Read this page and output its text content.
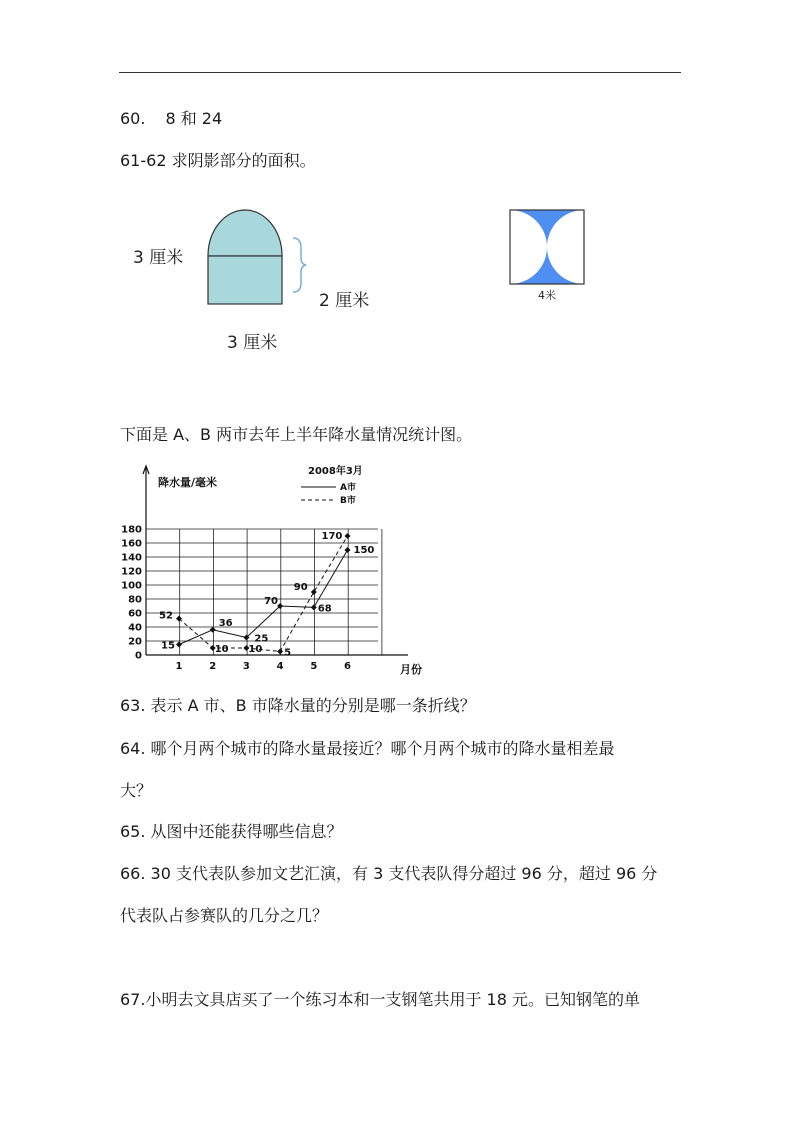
60. 8 和 24
61-62 求阴影部分的面积。
3 厘米
2 厘米
3 厘米
4米
下面是 A、B 两市去年上半年降水量情况统计图。
0
20
40
60
80
100
120
140
160
180
1	2	3	4	5	6
15
36
25
70
68
150
52
10 10 5
90
170
降水量/毫米
2008年3月
A市
B市
月份
63. 表示 A 市、B 市降水量的分别是哪一条折线？
64. 哪个月两个城市的降水量最接近？哪个月两个城市的降水量相差最
大？
65. 从图中还能获得哪些信息？
66. 30 支代表队参加文艺汇演，有 3 支代表队得分超过 96 分，超过 96 分
代表队占参赛队的几分之几？
67.小明去文具店买了一个练习本和一支钢笔共用于 18 元。已知钢笔的单
